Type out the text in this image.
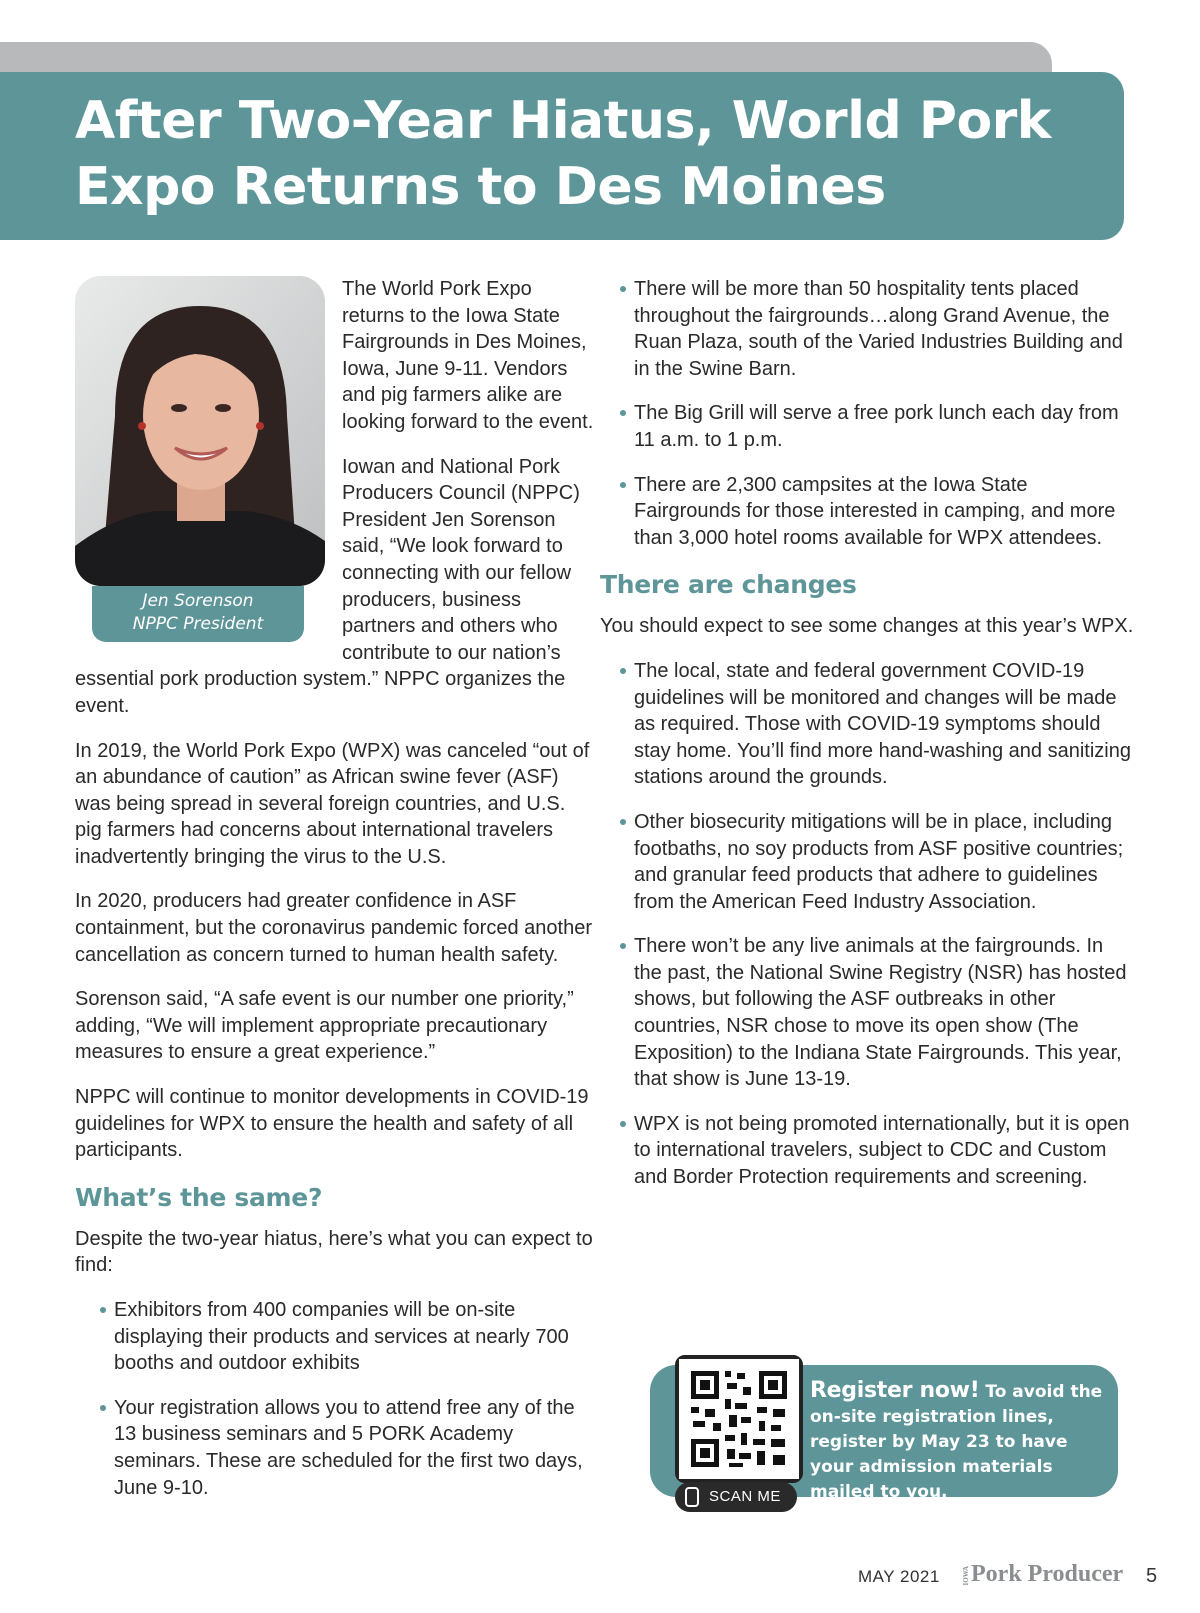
After Two-Year Hiatus, World Pork Expo Returns to Des Moines
Jen Sorenson
NPPC President

The World Pork Expo returns to the Iowa State Fairgrounds in Des Moines, Iowa, June 9-11. Vendors and pig farmers alike are looking forward to the event.

Iowan and National Pork Producers Council (NPPC) President Jen Sorenson said, “We look forward to connecting with our fellow producers, business partners and others who contribute to our nation’s essential pork production system.” NPPC organizes the event.

In 2019, the World Pork Expo (WPX) was canceled “out of an abundance of caution” as African swine fever (ASF) was being spread in several foreign countries, and U.S. pig farmers had concerns about international travelers inadvertently bringing the virus to the U.S.

In 2020, producers had greater confidence in ASF containment, but the coronavirus pandemic forced another cancellation as concern turned to human health safety.

Sorenson said, “A safe event is our number one priority,” adding, “We will implement appropriate precautionary measures to ensure a great experience.”

NPPC will continue to monitor developments in COVID-19 guidelines for WPX to ensure the health and safety of all participants.

What’s the same?

Despite the two-year hiatus, here’s what you can expect to find:

Exhibitors from 400 companies will be on-site displaying their products and services at nearly 700 booths and outdoor exhibits
Your registration allows you to attend free any of the 13 business seminars and 5 PORK Academy seminars. These are scheduled for the first two days, June 9-10.
There will be more than 50 hospitality tents placed throughout the fairgrounds…along Grand Avenue, the Ruan Plaza, south of the Varied Industries Building and in the Swine Barn.
The Big Grill will serve a free pork lunch each day from 11 a.m. to 1 p.m.
There are 2,300 campsites at the Iowa State Fairgrounds for those interested in camping, and more than 3,000 hotel rooms available for WPX attendees.
There are changes

You should expect to see some changes at this year’s WPX.

The local, state and federal government COVID-19 guidelines will be monitored and changes will be made as required. Those with COVID-19 symptoms should stay home. You’ll find more hand-washing and sanitizing stations around the grounds.
Other biosecurity mitigations will be in place, including footbaths, no soy products from ASF positive countries; and granular feed products that adhere to guidelines from the American Feed Industry Association.
There won’t be any live animals at the fairgrounds. In the past, the National Swine Registry (NSR) has hosted shows, but following the ASF outbreaks in other countries, NSR chose to move its open show (The Exposition) to the Indiana State Fairgrounds. This year, that show is June 13-19.
WPX is not being promoted internationally, but it is open to international travelers, subject to CDC and Custom and Border Protection requirements and screening.
SCAN ME
Register now! To avoid the on-site registration lines, register by May 23 to have your admission materials mailed to you.
MAY 2021	IOWAPork Producer 5
